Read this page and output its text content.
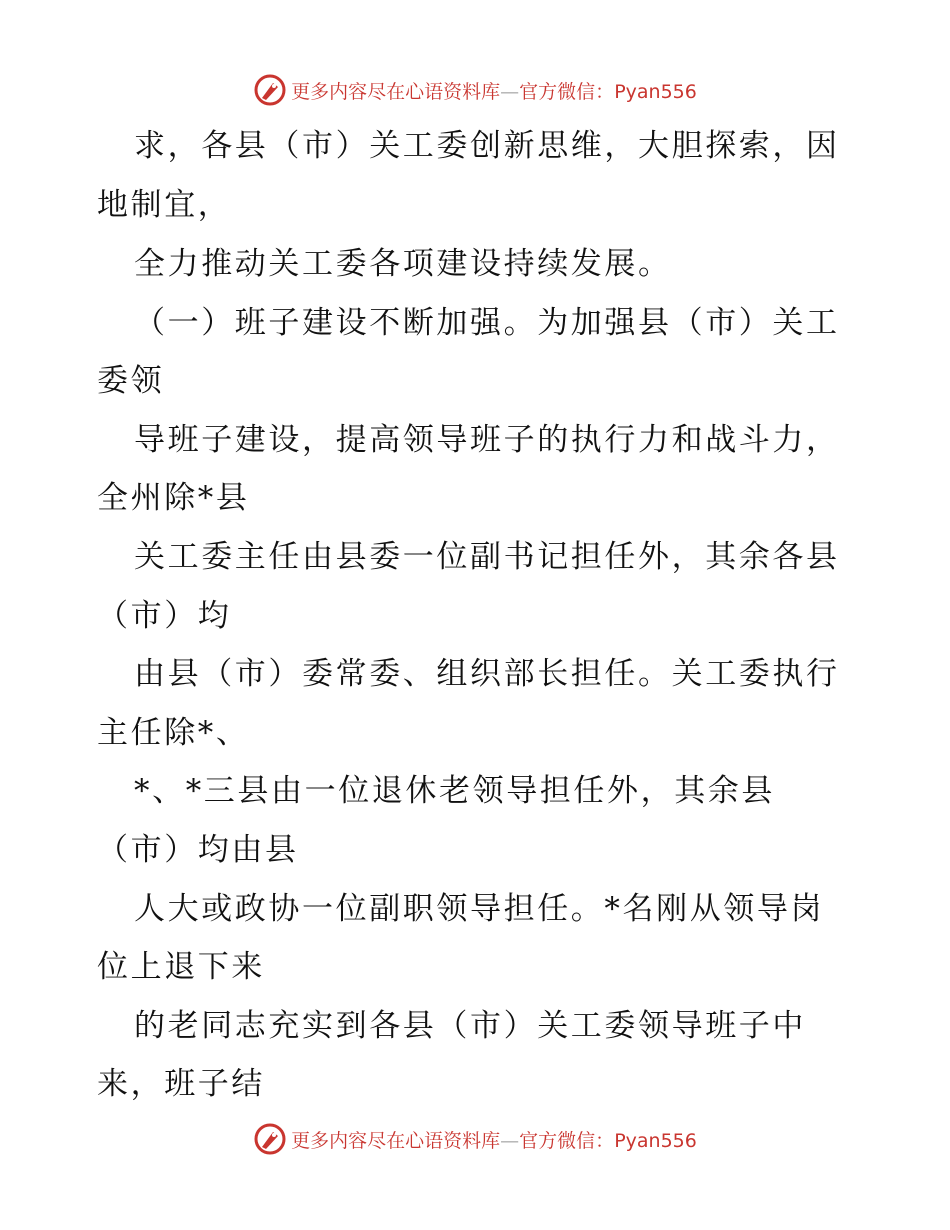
更多内容尽在心语资料库—官方微信：Pyan556
求，各县（市）关工委创新思维，大胆探索，因
地制宜，
全力推动关工委各项建设持续发展。
（一）班子建设不断加强。为加强县（市）关工
委领
导班子建设，提高领导班子的执行力和战斗力，
全州除*县
关工委主任由县委一位副书记担任外，其余各县
（市）均
由县（市）委常委、组织部长担任。关工委执行
主任除*、
*、*三县由一位退休老领导担任外，其余县
（市）均由县
人大或政协一位副职领导担任。*名刚从领导岗
位上退下来
的老同志充实到各县（市）关工委领导班子中
来，班子结
更多内容尽在心语资料库—官方微信：Pyan556
